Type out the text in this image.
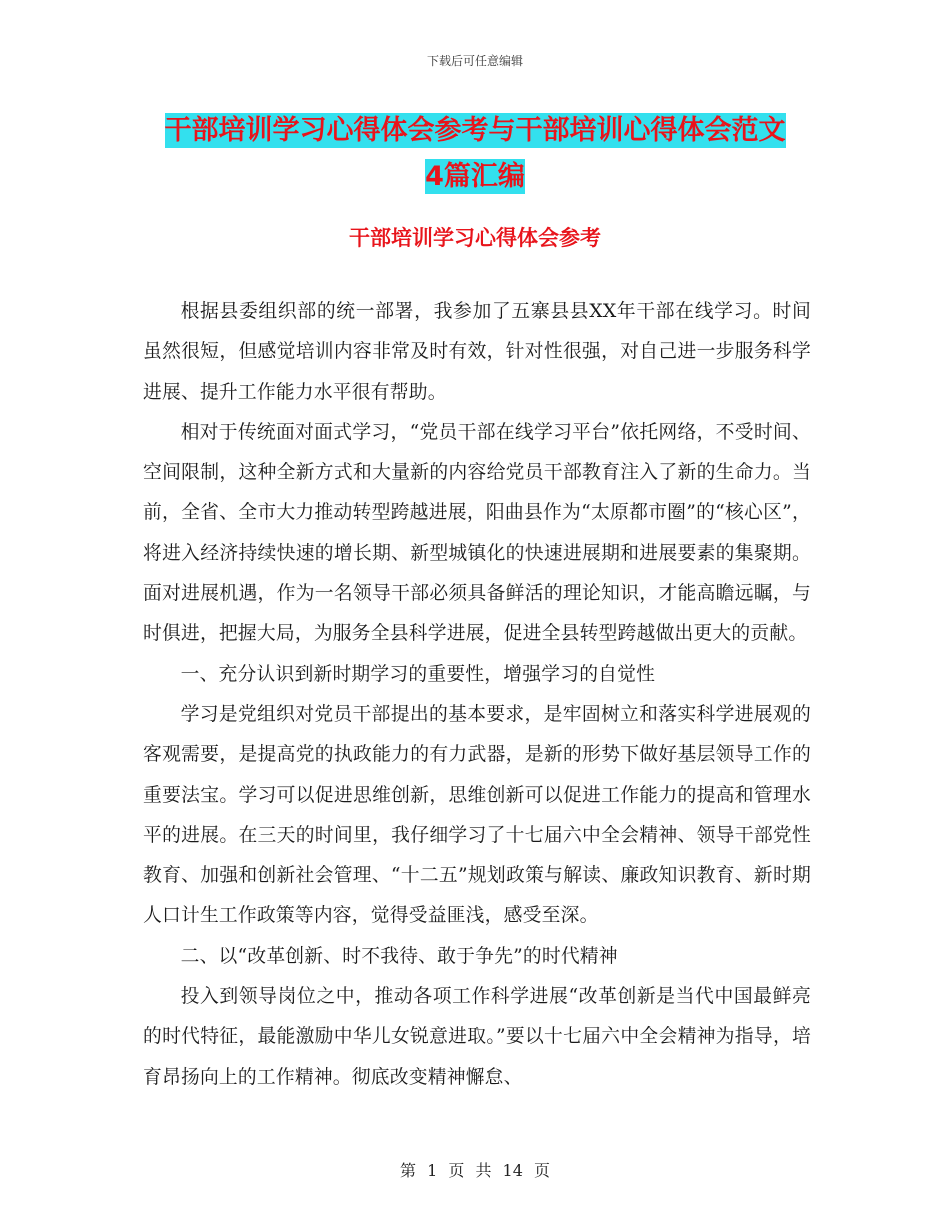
下载后可任意编辑
干部培训学习心得体会参考与干部培训心得体会范文
4篇汇编
干部培训学习心得体会参考

根据县委组织部的统一部署，我参加了五寨县县XX年干部在线学习。时间虽然很短，但感觉培训内容非常及时有效，针对性很强，对自己进一步服务科学进展、提升工作能力水平很有帮助。

相对于传统面对面式学习，“党员干部在线学习平台”依托网络，不受时间、空间限制，这种全新方式和大量新的内容给党员干部教育注入了新的生命力。当前，全省、全市大力推动转型跨越进展，阳曲县作为“太原都市圈”的“核心区”，将进入经济持续快速的增长期、新型城镇化的快速进展期和进展要素的集聚期。面对进展机遇，作为一名领导干部必须具备鲜活的理论知识，才能高瞻远瞩，与时俱进，把握大局，为服务全县科学进展，促进全县转型跨越做出更大的贡献。

一、充分认识到新时期学习的重要性，增强学习的自觉性

学习是党组织对党员干部提出的基本要求，是牢固树立和落实科学进展观的客观需要，是提高党的执政能力的有力武器，是新的形势下做好基层领导工作的重要法宝。学习可以促进思维创新，思维创新可以促进工作能力的提高和管理水平的进展。在三天的时间里，我仔细学习了十七届六中全会精神、领导干部党性教育、加强和创新社会管理、“十二五”规划政策与解读、廉政知识教育、新时期人口计生工作政策等内容，觉得受益匪浅，感受至深。

二、以“改革创新、时不我待、敢于争先”的时代精神

投入到领导岗位之中，推动各项工作科学进展“改革创新是当代中国最鲜亮的时代特征，最能激励中华儿女锐意进取。”要以十七届六中全会精神为指导，培育昂扬向上的工作精神。彻底改变精神懈怠、

第 1 页 共 14 页
